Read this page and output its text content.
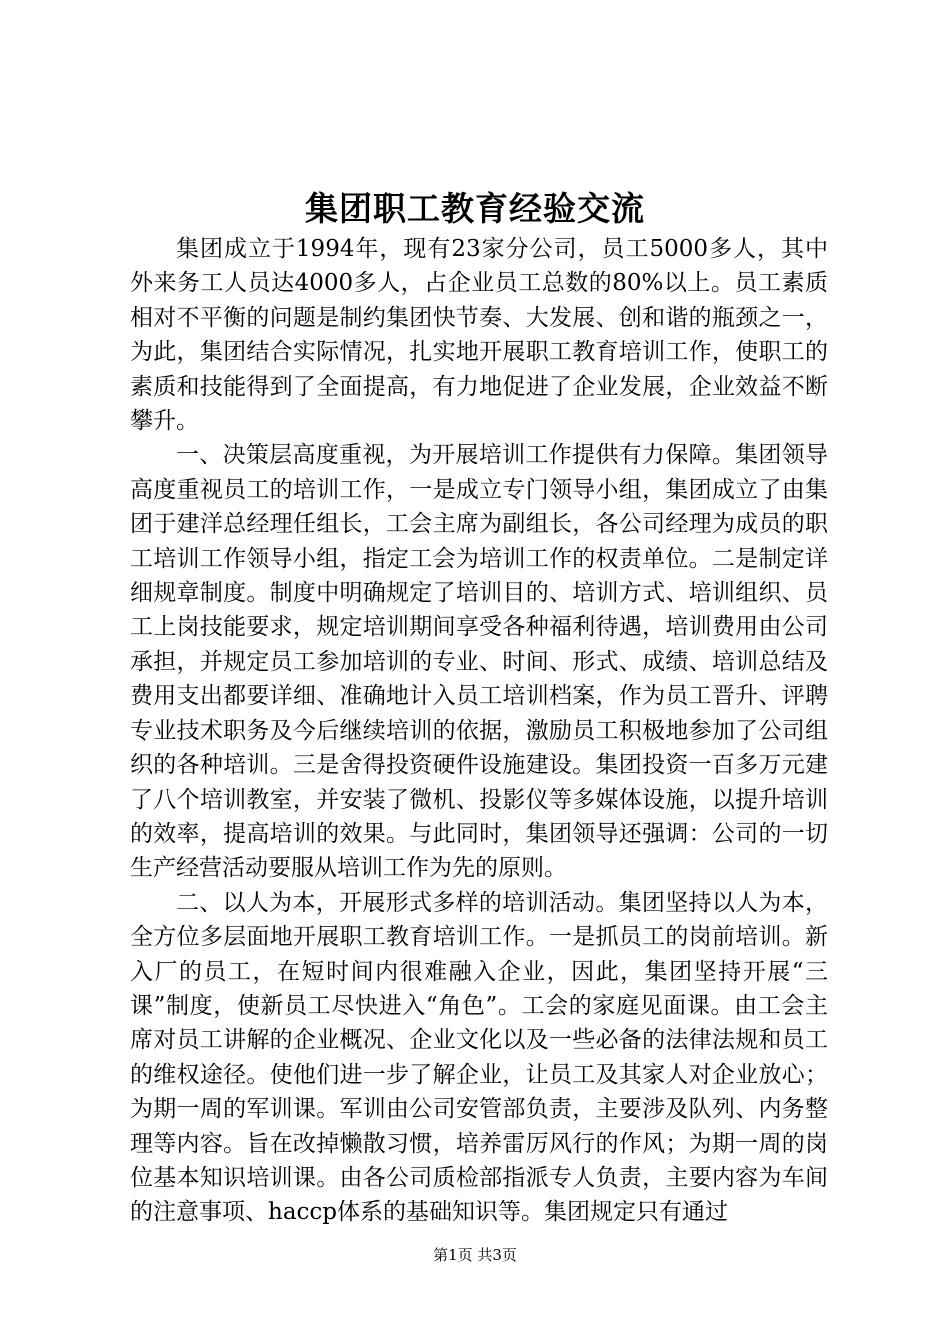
集团职工教育经验交流

集团成立于1994年，现有23家分公司，员工5000多人，其中外来务工人员达4000多人，占企业员工总数的80%以上。员工素质相对不平衡的问题是制约集团快节奏、大发展、创和谐的瓶颈之一，为此，集团结合实际情况，扎实地开展职工教育培训工作，使职工的素质和技能得到了全面提高，有力地促进了企业发展，企业效益不断攀升。

一、决策层高度重视，为开展培训工作提供有力保障。集团领导高度重视员工的培训工作，一是成立专门领导小组，集团成立了由集团于建洋总经理任组长，工会主席为副组长，各公司经理为成员的职工培训工作领导小组，指定工会为培训工作的权责单位。二是制定详细规章制度。制度中明确规定了培训目的、培训方式、培训组织、员工上岗技能要求，规定培训期间享受各种福利待遇，培训费用由公司承担，并规定员工参加培训的专业、时间、形式、成绩、培训总结及费用支出都要详细、准确地计入员工培训档案，作为员工晋升、评聘专业技术职务及今后继续培训的依据，激励员工积极地参加了公司组织的各种培训。三是舍得投资硬件设施建设。集团投资一百多万元建了八个培训教室，并安装了微机、投影仪等多媒体设施，以提升培训的效率，提高培训的效果。与此同时，集团领导还强调：公司的一切生产经营活动要服从培训工作为先的原则。

二、以人为本，开展形式多样的培训活动。集团坚持以人为本，全方位多层面地开展职工教育培训工作。一是抓员工的岗前培训。新入厂的员工，在短时间内很难融入企业，因此，集团坚持开展“三课”制度，使新员工尽快进入“角色”。工会的家庭见面课。由工会主席对员工讲解的企业概况、企业文化以及一些必备的法律法规和员工的维权途径。使他们进一步了解企业，让员工及其家人对企业放心；为期一周的军训课。军训由公司安管部负责，主要涉及队列、内务整理等内容。旨在改掉懒散习惯，培养雷厉风行的作风；为期一周的岗位基本知识培训课。由各公司质检部指派专人负责，主要内容为车间的注意事项、haccp体系的基础知识等。集团规定只有通过

第1页 共3页
